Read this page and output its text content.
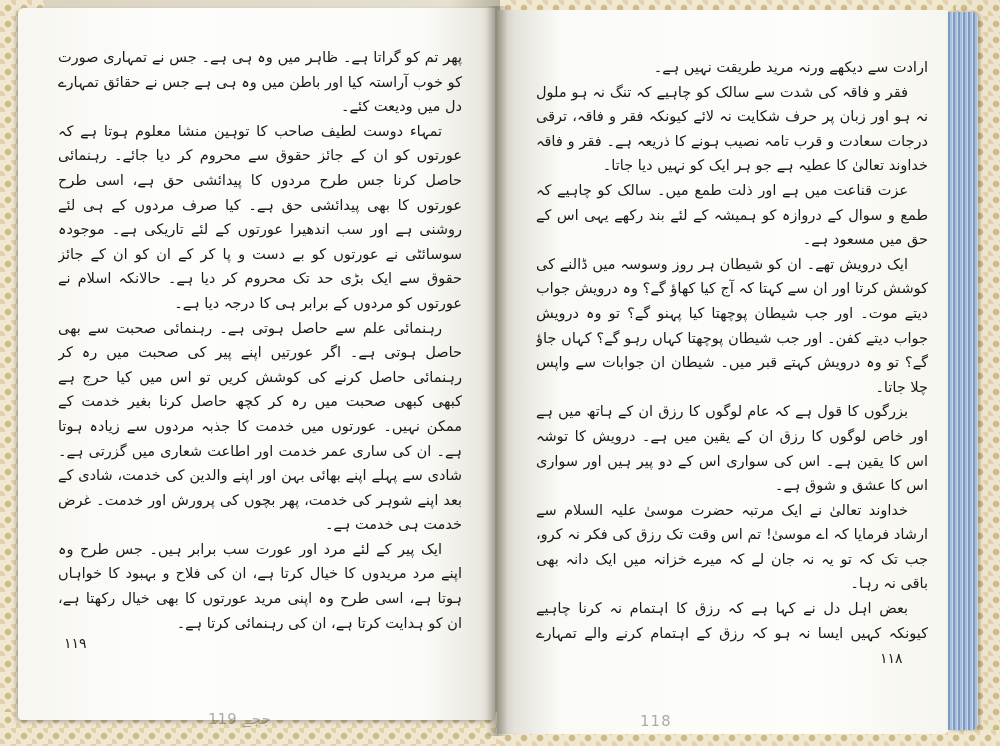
پھر تم کو گراتا ہے۔ ظاہر میں وہ ہی ہے۔ جس نے تمہاری صورت کو خوب آراستہ کیا اور باطن میں وہ ہی ہے جس نے حقائق تمہارے دل میں ودیعت کئے۔

تمہاء دوست لطیف صاحب کا توہین منشا معلوم ہوتا ہے کہ عورتوں کو ان کے جائز حقوق سے محروم کر دیا جائے۔ رہنمائی حاصل کرنا جس طرح مردوں کا پیدائشی حق ہے، اسی طرح عورتوں کا بھی پیدائشی حق ہے۔ کیا صرف مردوں کے ہی لئے روشنی ہے اور سب اندھیرا عورتوں کے لئے تاریکی ہے۔ موجودہ سوسائٹی نے عورتوں کو بے دست و پا کر کے ان کو ان کے جائز حقوق سے ایک بڑی حد تک محروم کر دیا ہے۔ حالانکہ اسلام نے عورتوں کو مردوں کے برابر ہی کا درجہ دیا ہے۔

رہنمائی علم سے حاصل ہوتی ہے۔ رہنمائی صحبت سے بھی حاصل ہوتی ہے۔ اگر عورتیں اپنے پیر کی صحبت میں رہ کر رہنمائی حاصل کرنے کی کوشش کریں تو اس میں کیا حرج ہے کبھی کبھی صحبت میں رہ کر کچھ حاصل کرنا بغیر خدمت کے ممکن نہیں۔ عورتوں میں خدمت کا جذبہ مردوں سے زیادہ ہوتا ہے۔ ان کی ساری عمر خدمت اور اطاعت شعاری میں گزرتی ہے۔ شادی سے پہلے اپنے بھائی بہن اور اپنے والدین کی خدمت، شادی کے بعد اپنے شوہر کی خدمت، پھر بچوں کی پرورش اور خدمت۔ غرض خدمت ہی خدمت ہے۔

ایک پیر کے لئے مرد اور عورت سب برابر ہیں۔ جس طرح وہ اپنے مرد مریدوں کا خیال کرتا ہے، ان کی فلاح و بہبود کا خواہاں ہوتا ہے، اسی طرح وہ اپنی مرید عورتوں کا بھی خیال رکھتا ہے، ان کو ہدایت کرتا ہے، ان کی رہنمائی کرتا ہے۔

١١٩
119 ﺟﺠﮯ

ارادت سے دیکھے ورنہ مرید طریقت نہیں ہے۔

فقر و فاقہ کی شدت سے سالک کو چاہیے کہ تنگ نہ ہو ملول نہ ہو اور زبان پر حرف شکایت نہ لائے کیونکہ فقر و فاقہ، ترقی درجات سعادت و قرب تامہ نصیب ہونے کا ذریعہ ہے۔ فقر و فاقہ خداوند تعالیٰ کا عطیہ ہے جو ہر ایک کو نہیں دیا جاتا۔

عزت قناعت میں ہے اور ذلت طمع میں۔ سالک کو چاہیے کہ طمع و سوال کے دروازہ کو ہمیشہ کے لئے بند رکھے یہی اس کے حق میں مسعود ہے۔

ایک درویش تھے۔ ان کو شیطان ہر روز وسوسہ میں ڈالنے کی کوشش کرتا اور ان سے کہتا کہ آج کیا کھاؤ گے؟ وہ درویش جواب دیتے موت۔ اور جب شیطان پوچھتا کیا پہنو گے؟ تو وہ درویش جواب دیتے کفن۔ اور جب شیطان پوچھتا کہاں رہو گے؟ کہاں جاؤ گے؟ تو وہ درویش کہتے قبر میں۔ شیطان ان جوابات سے واپس چلا جاتا۔

بزرگوں کا قول ہے کہ عام لوگوں کا رزق ان کے ہاتھ میں ہے اور خاص لوگوں کا رزق ان کے یقین میں ہے۔ درویش کا توشہ اس کا یقین ہے۔ اس کی سواری اس کے دو پیر ہیں اور سواری اس کا عشق و شوق ہے۔

خداوند تعالیٰ نے ایک مرتبہ حضرت موسیٰ علیہ السلام سے ارشاد فرمایا کہ اے موسیٰ! تم اس وقت تک رزق کی فکر نہ کرو، جب تک کہ تو یہ نہ جان لے کہ میرے خزانہ میں ایک دانہ بھی باقی نہ رہا۔

بعض اہل دل نے کہا ہے کہ رزق کا اہتمام نہ کرنا چاہیے کیونکہ کہیں ایسا نہ ہو کہ رزق کے اہتمام کرنے والے تمہارے

١١٨
118
